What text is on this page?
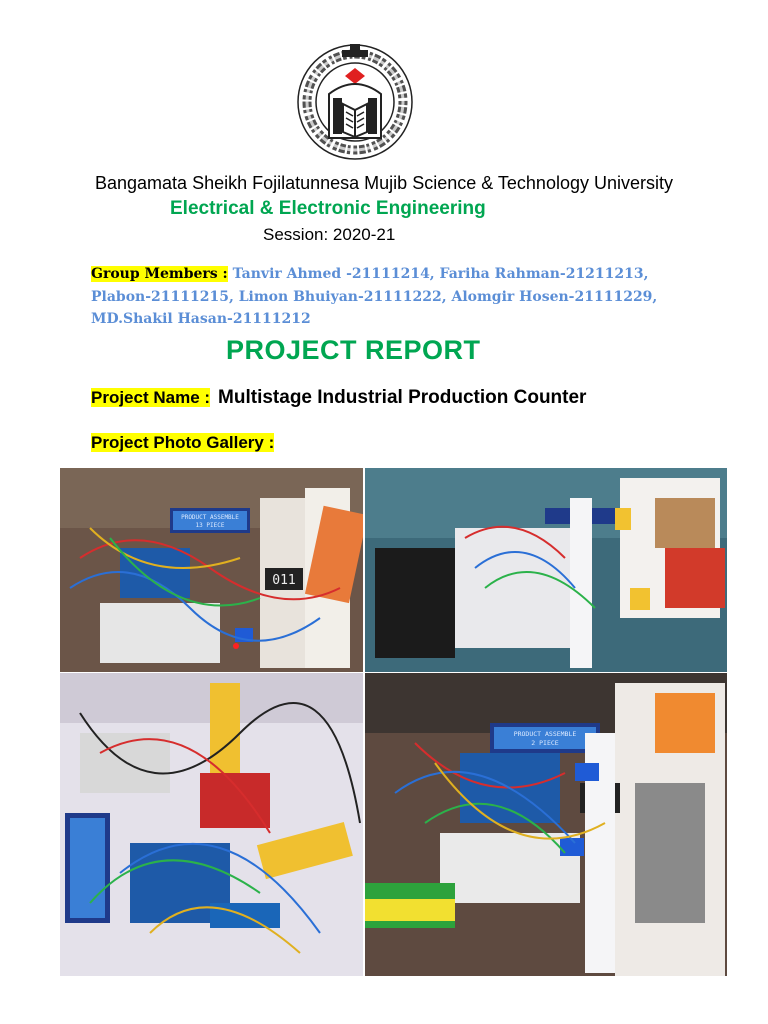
Bangamata Sheikh Fojilatunnesa Mujib Science & Technology University
Electrical & Electronic Engineering
Session: 2020-21
Group Members : Tanvir Ahmed -21111214, Fariha Rahman-21211213,
Plabon-21111215, Limon Bhuiyan-21111222, Alomgir Hosen-21111229,
MD.Shakil Hasan-21111212
PROJECT REPORT
Project Name : Multistage Industrial Production Counter
Project Photo Gallery :
PRODUCT ASSEMBLE
13 PIECE
011
PRODUCT ASSEMBLE
2 PIECE
